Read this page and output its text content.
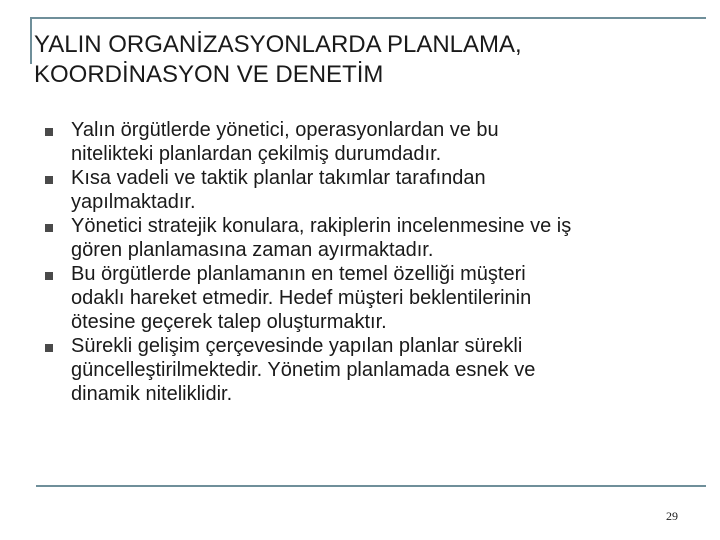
YALIN ORGANİZASYONLARDA PLANLAMA,
KOORDİNASYON VE DENETİM
Yalın örgütlerde yönetici, operasyonlardan ve bu
nitelikteki planlardan çekilmiş durumdadır.
Kısa vadeli ve taktik planlar takımlar tarafından
yapılmaktadır.
Yönetici stratejik konulara, rakiplerin incelenmesine ve iş
gören planlamasına zaman ayırmaktadır.
Bu örgütlerde planlamanın en temel özelliği müşteri
odaklı hareket etmedir. Hedef müşteri beklentilerinin
ötesine geçerek talep oluşturmaktır.
Sürekli gelişim çerçevesinde yapılan planlar sürekli
güncelleştirilmektedir. Yönetim planlamada esnek ve
dinamik niteliklidir.
29
